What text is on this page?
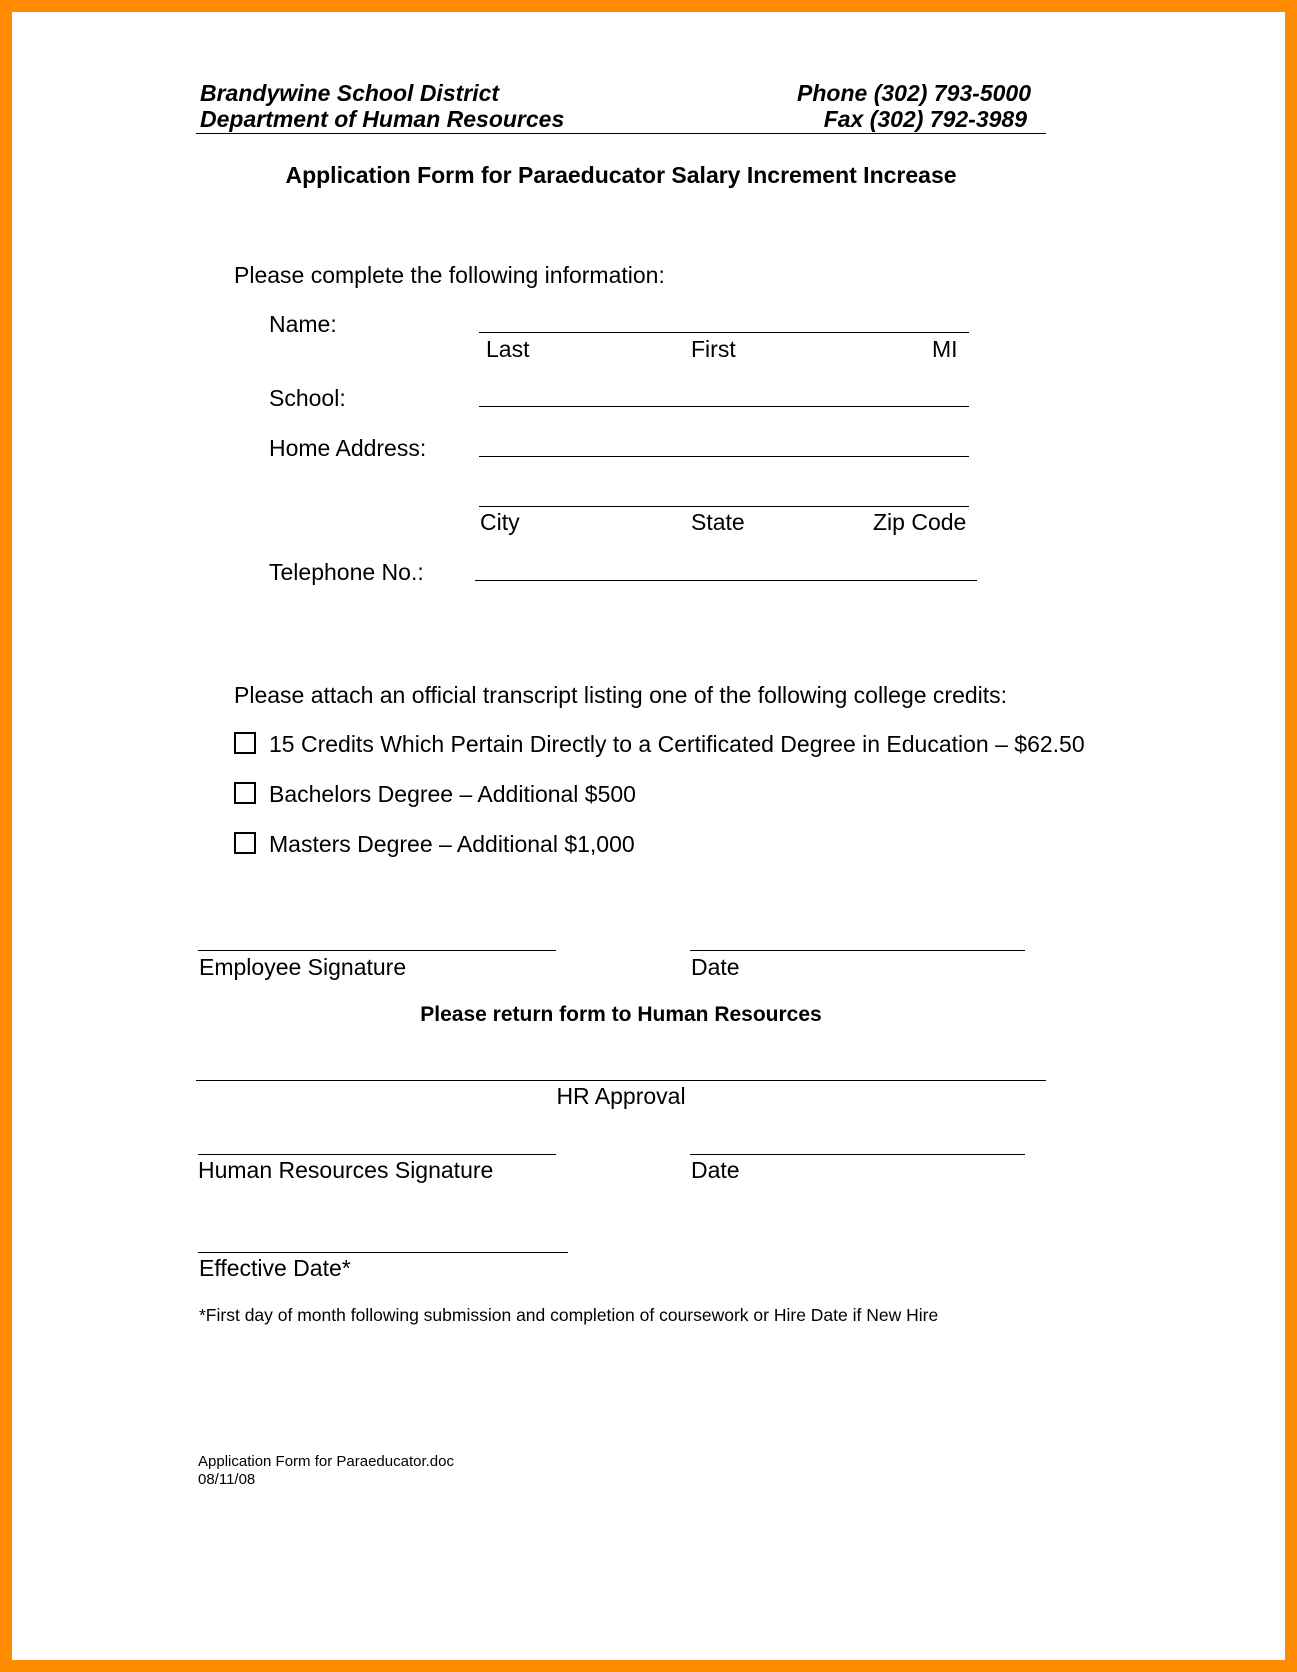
Brandywine School District
Department of Human Resources
Phone (302) 793-5000
Fax (302) 792-3989
Application Form for Paraeducator Salary Increment Increase
Please complete the following information:
Name:
Last	First	MI
School:
Home Address:
City	State	Zip Code
Telephone No.:
Please attach an official transcript listing one of the following college credits:
15 Credits Which Pertain Directly to a Certificated Degree in Education – $62.50
Bachelors Degree – Additional $500
Masters Degree – Additional $1,000
Employee Signature	Date
Please return form to Human Resources
HR Approval
Human Resources Signature	Date
Effective Date*
*First day of month following submission and completion of coursework or Hire Date if New Hire
Application Form for Paraeducator.doc
08/11/08
